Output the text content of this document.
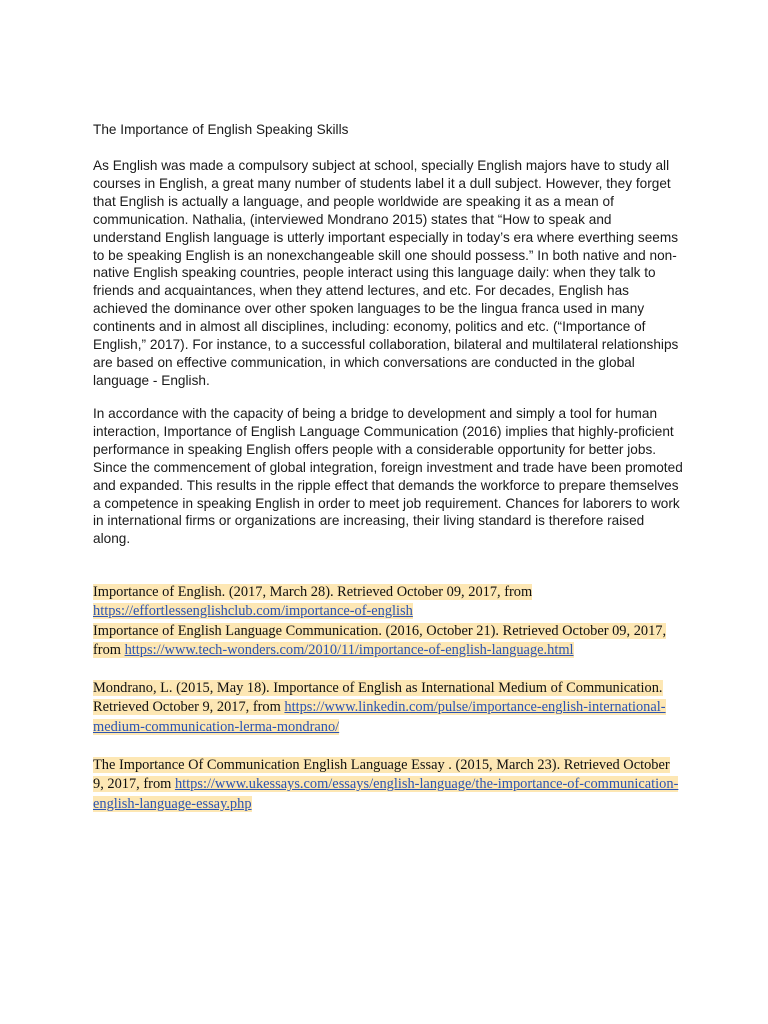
The Importance of English Speaking Skills

As English was made a compulsory subject at school, specially English majors have to study all courses in English, a great many number of students label it a dull subject. However, they forget that English is actually a language, and people worldwide are speaking it as a mean of communication. Nathalia, (interviewed Mondrano 2015) states that “How to speak and understand English language is utterly important especially in today’s era where everthing seems to be speaking English is an nonexchangeable skill one should possess.” In both native and non-native English speaking countries, people interact using this language daily: when they talk to friends and acquaintances, when they attend lectures, and etc. For decades, English has achieved the dominance over other spoken languages to be the lingua franca used in many continents and in almost all disciplines, including: economy, politics and etc. (“Importance of English,” 2017). For instance, to a successful collaboration, bilateral and multilateral relationships are based on effective communication, in which conversations are conducted in the global language - English.

In accordance with the capacity of being a bridge to development and simply a tool for human interaction, Importance of English Language Communication (2016) implies that highly-proficient performance in speaking English offers people with a considerable opportunity for better jobs. Since the commencement of global integration, foreign investment and trade have been promoted and expanded. This results in the ripple effect that demands the workforce to prepare themselves a competence in speaking English in order to meet job requirement. Chances for laborers to work in international firms or organizations are increasing, their living standard is therefore raised along.

Importance of English. (2017, March 28). Retrieved October 09, 2017, from https://effortlessenglishclub.com/importance-of-english

Importance of English Language Communication. (2016, October 21). Retrieved October 09, 2017, from https://www.tech-wonders.com/2010/11/importance-of-english-language.html

Mondrano, L. (2015, May 18). Importance of English as International Medium of Communication. Retrieved October 9, 2017, from https://www.linkedin.com/pulse/importance-english-international-medium-communication-lerma-mondrano/

The Importance Of Communication English Language Essay . (2015, March 23). Retrieved October 9, 2017, from https://www.ukessays.com/essays/english-language/the-importance-of-communication-english-language-essay.php
